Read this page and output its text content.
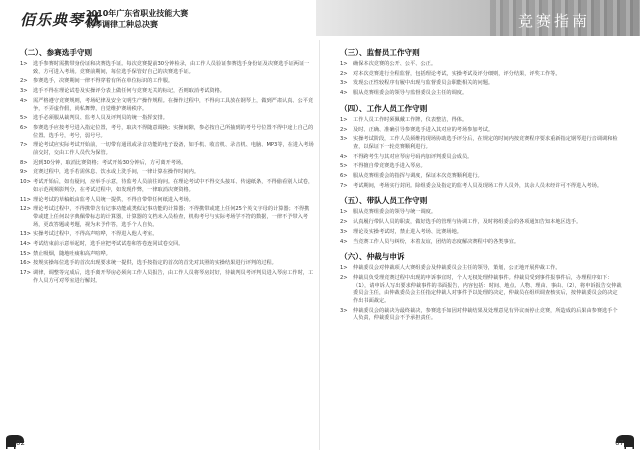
佰乐典琴林
2010年广东省职业技能大赛
钢琴调律工种总决赛	竞赛指南
（二）、参赛选手守则
1> 选手参赛时需携带身份证和决赛选手证。每次竞赛提前30分钟检录，由工作人员验证参赛选手身份证及决赛选手证两证一致，方可进入考场。竞赛前期间，每位选手保管好自己的决赛选手证。
2> 参赛选手，决赛期间一律不得穿着有所在单位标识的工作服。
3> 选手不得在理论试卷及实操评分表上做任何与竞赛无关的标记，否则取消考试资格。
4> 需严格遵守竞赛规则，考场纪律及安全文明生产操作规程。在操作过程中，不得向工具放在钢琴上，做到严肃认真、公平竞争，不弄虚作假，尚私舞弊，自觉维护赛场秩序。
5> 选手必须服从裁判员、监考人员及评判员的统一指挥安排。
6> 参赛选手应按考号进入指定位置，考号，取决不得随意调换；实操间隙，参必按自己所抽到的考号号位置不得中途上自己的位置。选手号，考号，弱号号。
7> 理论考试应实际考试开始前，一切带有通讯或录音功能的电子设备，如手机、收音机、录音机、电脑、MP3等，在进入考场前交封，交由工作人员代为保管。
8> 迟到30分钟，取消比赛资格；考试开始30分钟后，方可离开考场。
9> 竞赛过程中，选手若需休息、饮水或上洗手间，一律计算在操作时间内。
10> 考试开始后，如有疑问，应举手示意，待监考人员前往询问。在理论考试中不得交头接耳、传递纸条，不得偷看别人试卷，如示范视频影判分，在考试过程中，如发现作弊，一律取消决赛资格。
11> 理论考试的草稿纸由监考人员统一提供，不得自带带任何纸进入考场。
12> 理论考试过程中，不得携带含有记事功能或类似记事功能的计算器；不得携带或建上任何25个英文字母的计算器；不得携带或建上任何以字典佩带标志的计算器，计算器的文档未入员检查，机构考号与实际考场学不符的数据，一律不予带入考场，更改答题或考题，视为未予作答，选手个人自负。
13> 实操考试过程中，不得高声喧哗，不得进入他人考室。
14> 考试结束前示意举起时，选手应把考试试卷和答卷连同试卷交回。
15> 禁止吸烟，随地吐痰和高声喧哗。
16> 按规实操每位选手的首次出现要求统一提供，选手按指定的首次的首先对其照的实操结果进行评判的过程。
17> 调律，调整等完成后，选手离开琴房必须向工作人员报告，由工作人员将琴房封好，待裁判员考评判员进入琴房工作时，工作人员方可对琴室进行解封。
（三）、监督员工作守则
1> 确保本次竞赛的公开、公平、公正。
2> 对本次竞赛进行全程监督，包括理论考试，实操考试及评分细则，评分结果，评奖工作等。
3> 发现公正性较程序有履中出现与监督委员会职能相关的问题。
4> 服从竞赛组委会的领导与监督委员会主任的调度。
（四）、工作人员工作守则
1> 工作人员工作时须佩戴工作牌，仪表整洁，得体。
2> 及时、正确、准确引导参赛选手进入其对应的考场参加考试。
3> 实操考试阶段，工作人员须维持现场协助选手评分后，在规定的时间内按竞赛程序要求重新指定钢琴进行音调调和检查，以保证下一轮竞赛顺利进行。
4> 不得跨考生与其对应琴房号码内加评判委员会成员。
5> 不得擅自带竞赛选手进入琴房。
6> 服从竞赛组委会的指挥与调度，保证本次竞赛顺利进行。
7> 考试期间，考场实行封闭。除组委会及指定的监考人员及现场工作人员外，其余人员未经许可不得进入考场。
（五）、带队人员工作守则
1> 服从竞赛组委会的领导与统一调度。
2> 认真履行带队人员的职责，做好选手的管理与协调工作，及时将组委会的各项通知告知本地区选手。
3> 理论及实操考试时，禁止进入考场、比赛场地。
4> 当竞赛工作人员与纠纷，本着友谊，团结的态度解决赛程中的各类事宜。
（六）、仲裁与申诉
1> 仲裁委员会对仲裁项人大赛组委会及仲裁委员会主任的领导，策划，公正地开展仲裁工作。
2> 仲裁员负受理竞赛过程中出现的申诉事宜时，个人无权处理仲裁事件。仲裁员受到事件报事件后，办理程序如下：（1），请申诉人写出要求仲裁事件的书面报告，内容包括：时间、地点、人物、理由、事由、（2），将申诉报告交仲裁委员会主任，由仲裁委员会主任指定仲裁人对事件予以处理的决定，仲裁员在组织调查核实后，按仲裁委员会的决定作出书面裁定。
3> 仲裁委员会的裁决为最终裁决，参赛选手如因对仲裁结果及处理意见有异议而停止竞赛，所造成的后果由参赛选手个人负责，仲裁委员会不予承担责任。
02	07
